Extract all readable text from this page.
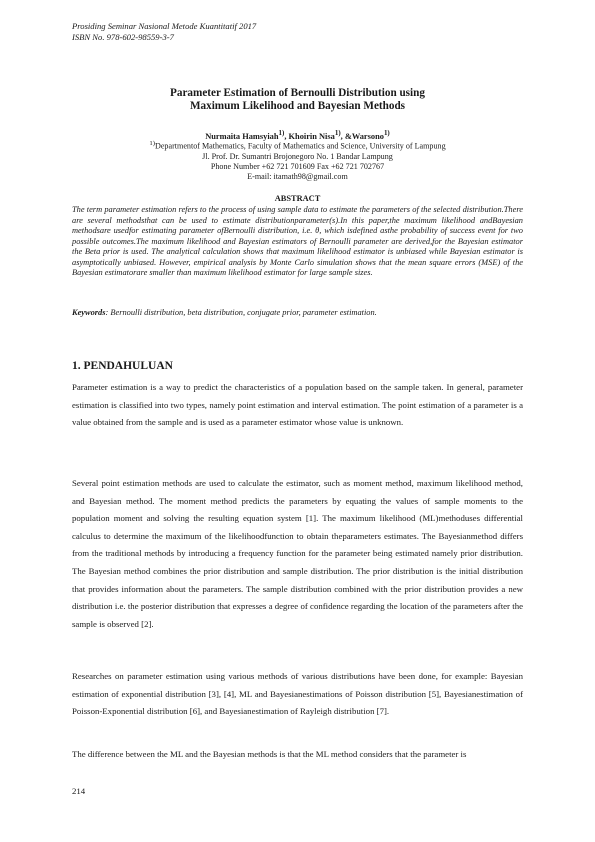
Prosiding Seminar Nasional Metode Kuantitatif 2017
ISBN No. 978-602-98559-3-7
Parameter Estimation of Bernoulli Distribution using
Maximum Likelihood and Bayesian Methods
Nurmaita Hamsyiah$^{1)}$, Khoirin Nisa$^{1)}$, &Warsono$^{1)}$
$^{1)}$Departmentof Mathematics, Faculty of Mathematics and Science, University of Lampung
Jl. Prof. Dr. Sumantri Brojonegoro No. 1 Bandar Lampung
Phone Number +62 721 701609 Fax +62 721 702767
E-mail: itamath98@gmail.com
ABSTRACT

The term parameter estimation refers to the process of using sample data to estimate the parameters of the selected distribution.There are several methodsthat can be used to estimate distributionparameter(s).In this paper,the maximum likelihood andBayesian methodsare usedfor estimating parameter ofBernoulli distribution, i.e. θ, which isdefined asthe probability of success event for two possible outcomes.The maximum likelihood and Bayesian estimators of Bernoulli parameter are derived,for the Bayesian estimator the Beta prior is used. The analytical calculation shows that maximum likelihood estimator is unbiased while Bayesian estimator is asymptotically unbiased. However, empirical analysis by Monte Carlo simulation shows that the mean square errors (MSE) of the Bayesian estimatorare smaller than maximum likelihood estimator for large sample sizes.

Keywords: Bernoulli distribution, beta distribution, conjugate prior, parameter estimation.

1. PENDAHULUAN

Parameter estimation is a way to predict the characteristics of a population based on the sample taken. In general, parameter estimation is classified into two types, namely point estimation and interval estimation. The point estimation of a parameter is a value obtained from the sample and is used as a parameter estimator whose value is unknown.

Several point estimation methods are used to calculate the estimator, such as moment method, maximum likelihood method, and Bayesian method. The moment method predicts the parameters by equating the values of sample moments to the population moment and solving the resulting equation system [1]. The maximum likelihood (ML)methoduses differential calculus to determine the maximum of the likelihoodfunction to obtain theparameters estimates. The Bayesianmethod differs from the traditional methods by introducing a frequency function for the parameter being estimated namely prior distribution. The Bayesian method combines the prior distribution and sample distribution. The prior distribution is the initial distribution that provides information about the parameters. The sample distribution combined with the prior distribution provides a new distribution i.e. the posterior distribution that expresses a degree of confidence regarding the location of the parameters after the sample is observed [2].

Researches on parameter estimation using various methods of various distributions have been done, for example: Bayesian estimation of exponential distribution [3], [4], ML and Bayesianestimations of Poisson distribution [5], Bayesianestimation of Poisson-Exponential distribution [6], and Bayesianestimation of Rayleigh distribution [7].

The difference between the ML and the Bayesian methods is that the ML method considers that the parameter is

214
